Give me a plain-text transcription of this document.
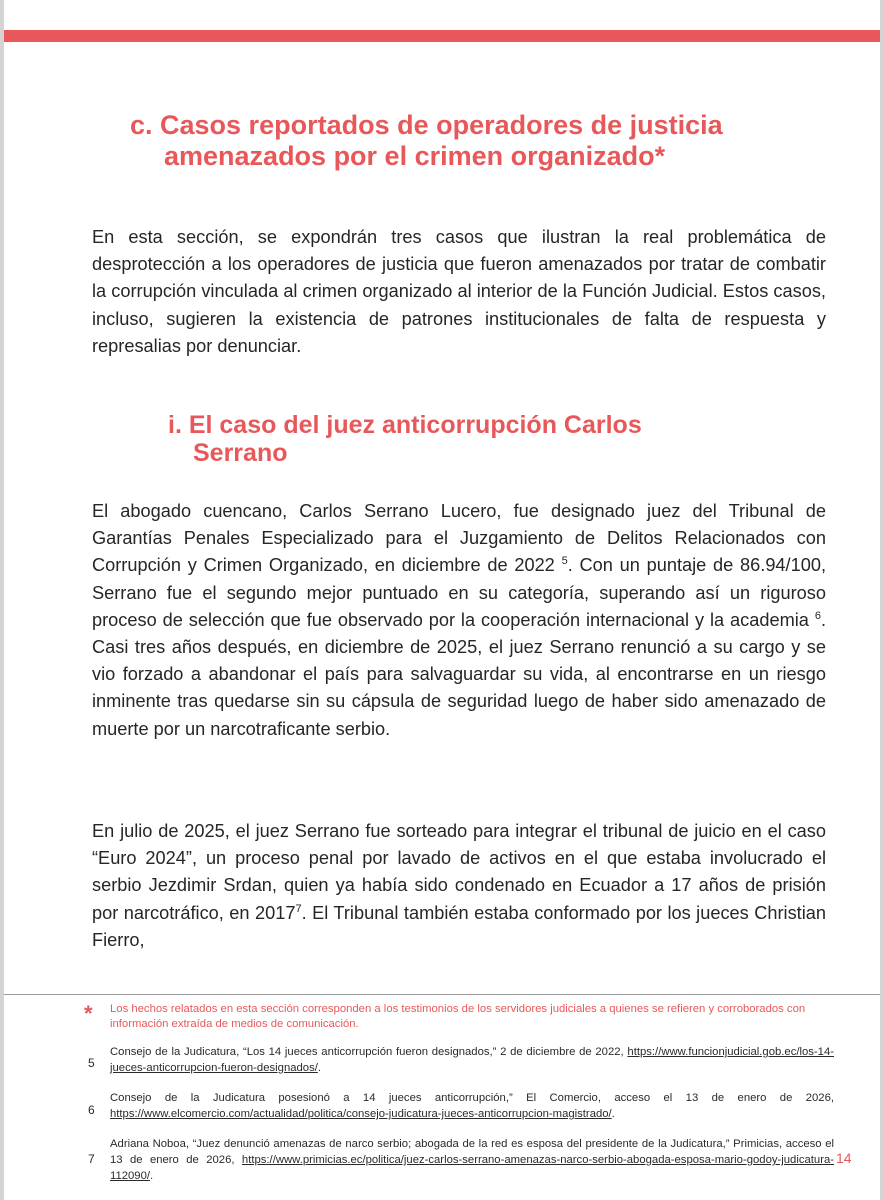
c. Casos reportados de operadores de justicia
amenazados por el crimen organizado*

En esta sección, se expondrán tres casos que ilustran la real problemática de desprotección a los operadores de justicia que fueron amenazados por tratar de combatir la corrupción vinculada al crimen organizado al interior de la Función Judicial. Estos casos, incluso, sugieren la existencia de patrones institucionales de falta de respuesta y represalias por denunciar.

i. El caso del juez anticorrupción Carlos
Serrano

El abogado cuencano, Carlos Serrano Lucero, fue designado juez del Tribunal de Garantías Penales Especializado para el Juzgamiento de Delitos Relacionados con Corrupción y Crimen Organizado, en diciembre de 2022 $^5$. Con un puntaje de 86.94/100, Serrano fue el segundo mejor puntuado en su categoría, superando así un riguroso proceso de selección que fue observado por la cooperación internacional y la academia $^6$. Casi tres años después, en diciembre de 2025, el juez Serrano renunció a su cargo y se vio forzado a abandonar el país para salvaguardar su vida, al encontrarse en un riesgo inminente tras quedarse sin su cápsula de seguridad luego de haber sido amenazado de muerte por un narcotraficante serbio.

En julio de 2025, el juez Serrano fue sorteado para integrar el tribunal de juicio en el caso “Euro 2024”, un proceso penal por lavado de activos en el que estaba involucrado el serbio Jezdimir Srdan, quien ya había sido condenado en Ecuador a 17 años de prisión por narcotráfico, en 2017$^7$. El Tribunal también estaba conformado por los jueces Christian Fierro,

* Los hechos relatados en esta sección corresponden a los testimonios de los servidores judiciales a quienes se refieren y corroborados con información extraída de medios de comunicación.

5

Consejo de la Judicatura, “Los 14 jueces anticorrupción fueron designados,” 2 de diciembre de 2022, https://www.funcionjudicial.gob.ec/los-14-jueces-anticorrupcion-fueron-designados/.

6

Consejo de la Judicatura posesionó a 14 jueces anticorrupción,” El Comercio, acceso el 13 de enero de 2026, https://www.elcomercio.com/actualidad/politica/consejo-judicatura-jueces-anticorrupcion-magistrado/.

7

Adriana Noboa, “Juez denunció amenazas de narco serbio; abogada de la red es esposa del presidente de la Judicatura,” Primicias, acceso el 13 de enero de 2026, https://www.primicias.ec/politica/juez-carlos-serrano-amenazas-narco-serbio-abogada-esposa-mario-godoy-judicatura-112090/.

14
